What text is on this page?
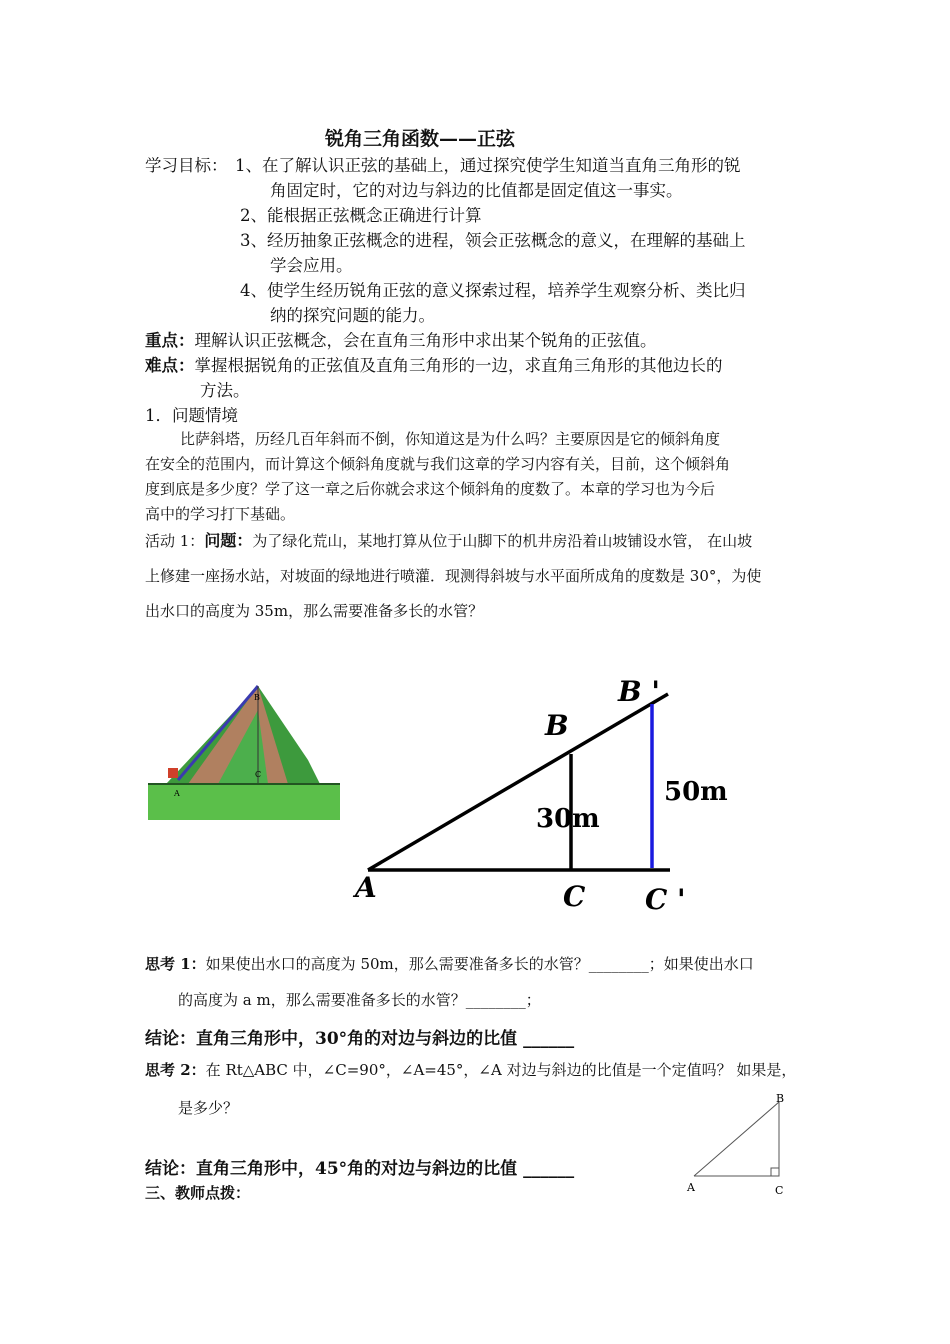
锐角三角函数——正弦
学习目标： 1、在了解认识正弦的基础上，通过探究使学生知道当直角三角形的锐
角固定时，它的对边与斜边的比值都是固定值这一事实。
2、能根据正弦概念正确进行计算
3、经历抽象正弦概念的进程，领会正弦概念的意义，在理解的基础上
学会应用。
4、使学生经历锐角正弦的意义探索过程，培养学生观察分析、类比归
纳的探究问题的能力。
重点：理解认识正弦概念，会在直角三角形中求出某个锐角的正弦值。
难点：掌握根据锐角的正弦值及直角三角形的一边，求直角三角形的其他边长的
方法。
1．问题情境
比萨斜塔，历经几百年斜而不倒，你知道这是为什么吗？主要原因是它的倾斜角度
在安全的范围内，而计算这个倾斜角度就与我们这章的学习内容有关，目前，这个倾斜角
度到底是多少度？学了这一章之后你就会求这个倾斜角的度数了。本章的学习也为今后
高中的学习打下基础。
活动 1：问题：为了绿化荒山，某地打算从位于山脚下的机井房沿着山坡铺设水管， 在山坡
上修建一座扬水站，对坡面的绿地进行喷灌．现测得斜坡与水平面所成角的度数是 30°，为使
出水口的高度为 35m，那么需要准备多长的水管？
B
C
A
A
B
B '
C C '
30m
50m
思考 1：如果使出水口的高度为 50m，那么需要准备多长的水管？________；如果使出水口
的高度为 a m，那么需要准备多长的水管？________；
结论：直角三角形中，30°角的对边与斜边的比值 ______
思考 2：在 Rt△ABC 中，∠C=90°，∠A=45°，∠A 对边与斜边的比值是一个定值吗？ 如果是，
是多少？
B
A	C
结论：直角三角形中，45°角的对边与斜边的比值 ______
三、教师点拨：
